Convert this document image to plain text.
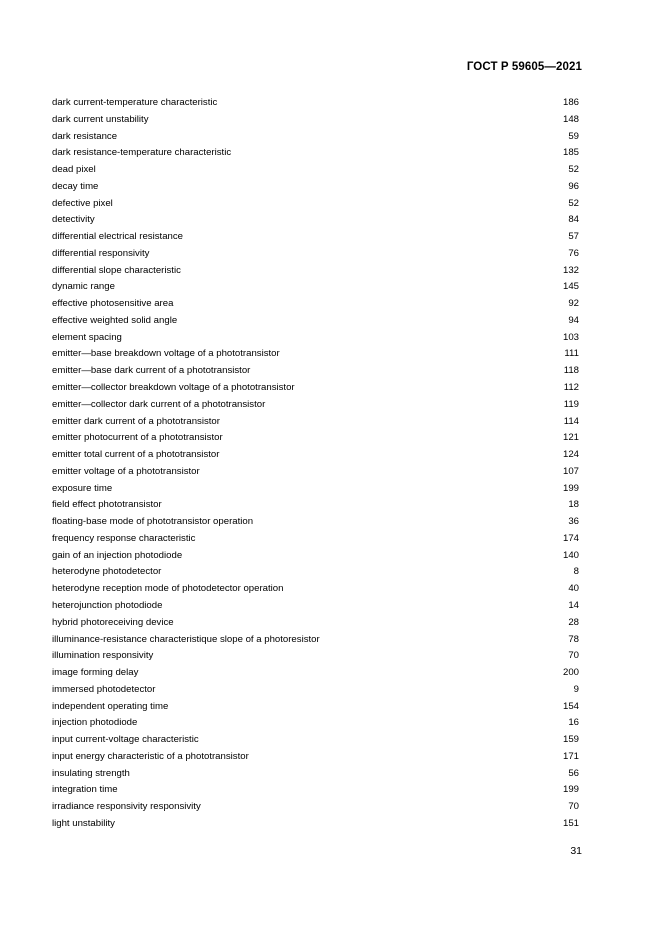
ГОСТ Р 59605—2021
dark current-temperature characteristic	186
dark current unstability	148
dark resistance	59
dark resistance-temperature characteristic	185
dead pixel	52
decay time	96
defective pixel	52
detectivity	84
differential electrical resistance	57
differential responsivity	76
differential slope characteristic	132
dynamic range	145
effective photosensitive area	92
effective weighted solid angle	94
element spacing	103
emitter—base breakdown voltage of a phototransistor	111
emitter—base dark current of a phototransistor	118
emitter—collector breakdown voltage of a phototransistor	112
emitter—collector dark current of a phototransistor	119
emitter dark current of a phototransistor	114
emitter photocurrent of a phototransistor	121
emitter total current of a phototransistor	124
emitter voltage of a phototransistor	107
exposure time	199
field effect phototransistor	18
floating-base mode of phototransistor operation	36
frequency response characteristic	174
gain of an injection photodiode	140
heterodyne photodetector	8
heterodyne reception mode of photodetector operation	40
heterojunction photodiode	14
hybrid photoreceiving device	28
illuminance-resistance characteristique slope of a photoresistor	78
illumination responsivity	70
image forming delay	200
immersed photodetector	9
independent operating time	154
injection photodiode	16
input current-voltage characteristic	159
input energy characteristic of a phototransistor	171
insulating strength	56
integration time	199
irradiance responsivity responsivity	70
light unstability	151
31
